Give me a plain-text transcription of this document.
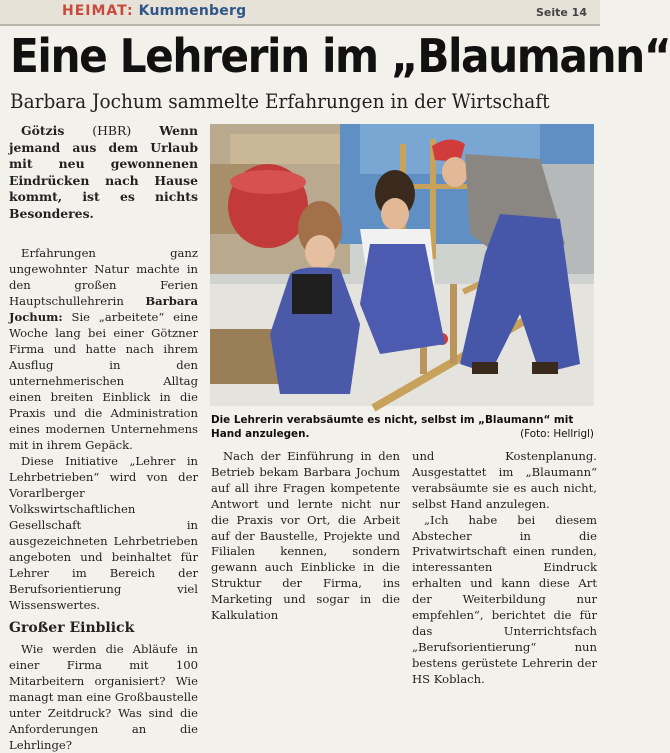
HEIMAT: Kummenberg	Seite 14
Eine Lehrerin im „Blaumann“
Barbara Jochum sammelte Erfahrungen in der Wirtschaft

Götzis (HBR) Wenn jemand aus dem Urlaub mit neu gewonnenen Eindrücken nach Hause kommt, ist es nichts Besonderes.

Erfahrungen ganz ungewohnter Natur machte in den großen Ferien Hauptschullehrerin Barbara Jochum: Sie „arbeitete“ eine Woche lang bei einer Götzner Firma und hatte nach ihrem Ausflug in den unternehmerischen Alltag einen breiten Einblick in die Praxis und die Administration eines modernen Unternehmens mit in ihrem Gepäck.

Diese Initiative „Lehrer in Lehrbetrieben“ wird von der Vorarlberger Volkswirtschaftlichen Gesellschaft in ausgezeichneten Lehrbetrieben angeboten und beinhaltet für Lehrer im Bereich der Berufsorientierung viel Wissenswertes.

Großer Einblick

Wie werden die Abläufe in einer Firma mit 100 Mitarbeitern organisiert? Wie managt man eine Großbaustelle unter Zeitdruck? Was sind die Anforderungen an die Lehrlinge?

Die Lehrerin verabsäumte es nicht, selbst im „Blaumann“ mit Hand anzulegen.	(Foto: Hellrigl)

Nach der Einführung in den Betrieb bekam Barbara Jochum auf all ihre Fragen kompetente Antwort und lernte nicht nur die Praxis vor Ort, die Arbeit auf der Baustelle, Projekte und Filialen kennen, sondern gewann auch Einblicke in die Struktur der Firma, ins Marketing und sogar in die Kalkulation

und Kostenplanung. Ausgestattet im „Blaumann“ verabsäumte sie es auch nicht, selbst Hand anzulegen.

„Ich habe bei diesem Abstecher in die Privatwirtschaft einen runden, interessanten Eindruck erhalten und kann diese Art der Weiterbildung nur empfehlen“, berichtet die für das Unterrichtsfach „Berufsorientierung“ nun bestens gerüstete Lehrerin der HS Koblach.
